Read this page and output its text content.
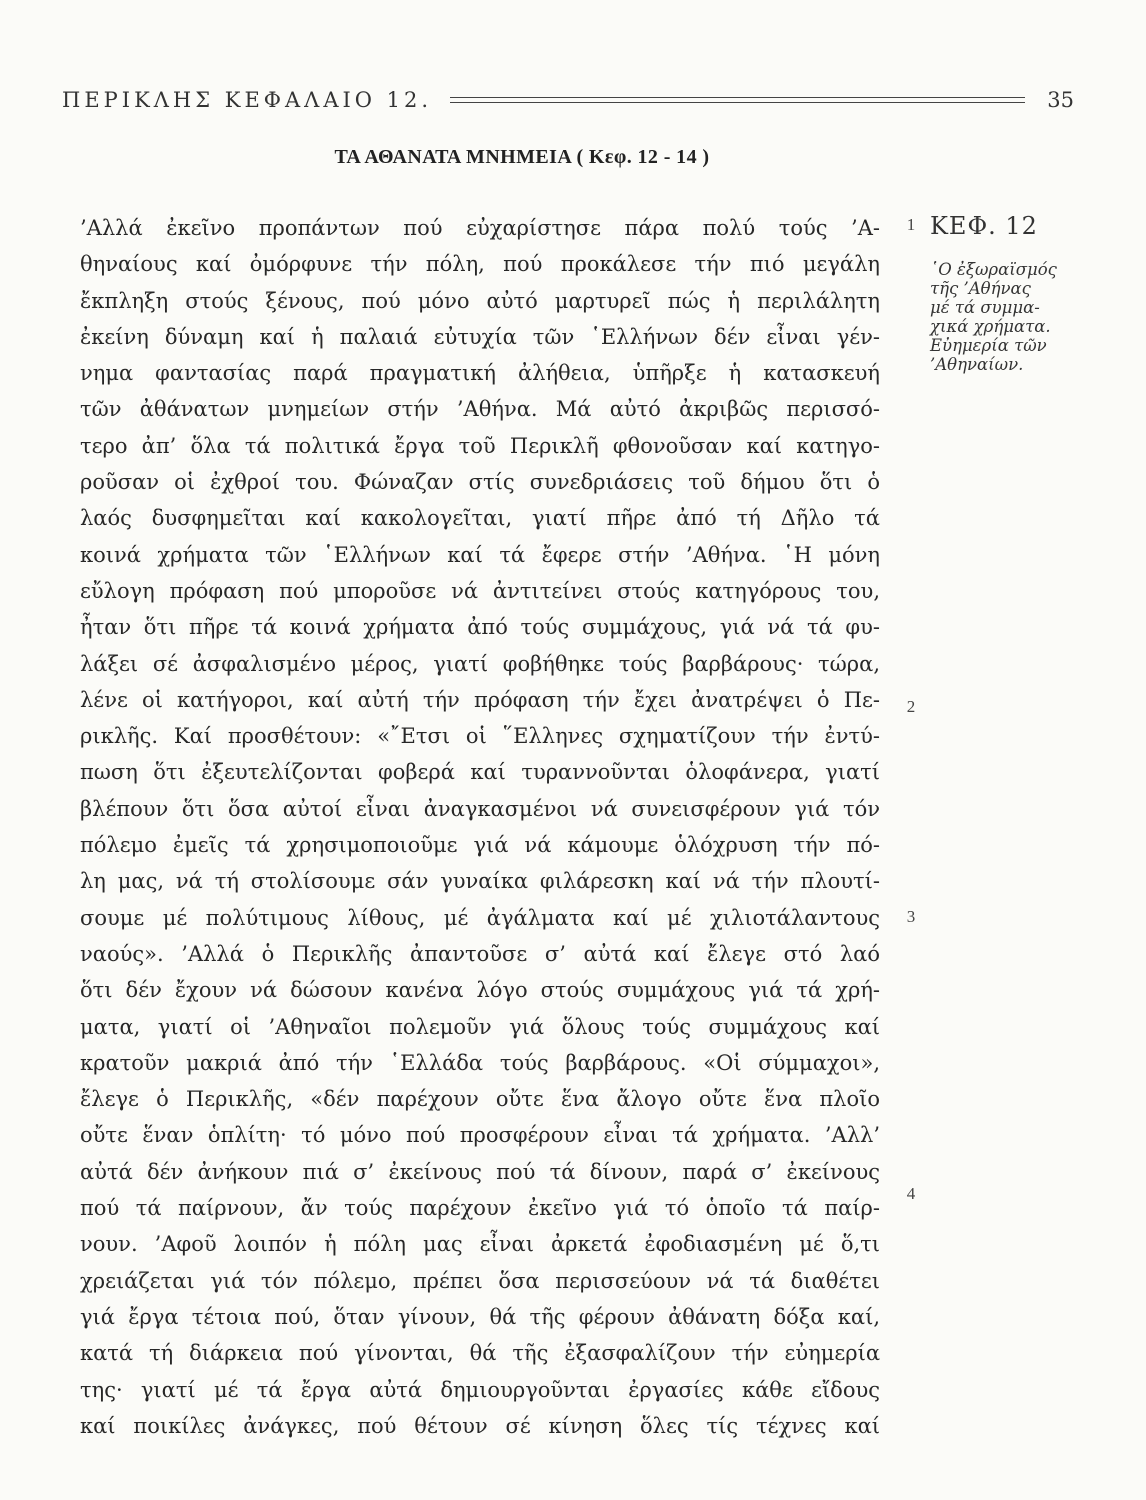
ΠΕΡΙΚΛΗΣ ΚΕΦΑΛΑΙΟ 12.	35
ΤΑ ΑΘΑΝΑΤΑ ΜΝΗΜΕΙΑ ( Κεφ. 12 - 14 )
’Αλλά ἐκεῖνο προπάντων πού εὐχαρίστησε πάρα πολύ τούς ’Α-
θηναίους καί ὀμόρφυνε τήν πόλη, πού προκάλεσε τήν πιό μεγάλη
ἔκπληξη στούς ξένους, πού μόνο αὐτό μαρτυρεῖ πώς ἡ περιλάλητη
ἐκείνη δύναμη καί ἡ παλαιά εὐτυχία τῶν ῾Ελλήνων δέν εἶναι γέν-
νημα φαντασίας παρά πραγματική ἀλήθεια, ὑπῆρξε ἡ κατασκευή
τῶν ἀθάνατων μνημείων στήν ’Αθήνα. Μά αὐτό ἀκριβῶς περισσό-
τερο ἀπ’ ὅλα τά πολιτικά ἔργα τοῦ Περικλῆ φθονοῦσαν καί κατηγο-
ροῦσαν οἱ ἐχθροί του. Φώναζαν στίς συνεδριάσεις τοῦ δήμου ὅτι ὁ
λαός δυσφημεῖται καί κακολογεῖται, γιατί πῆρε ἀπό τή Δῆλο τά
κοινά χρήματα τῶν ῾Ελλήνων καί τά ἔφερε στήν ’Αθήνα. ῾Η μόνη
εὔλογη πρόφαση πού μποροῦσε νά ἀντιτείνει στούς κατηγόρους του,
ἦταν ὅτι πῆρε τά κοινά χρήματα ἀπό τούς συμμάχους, γιά νά τά φυ-
λάξει σέ ἀσφαλισμένο μέρος, γιατί φοβήθηκε τούς βαρβάρους· τώρα,
λένε οἱ κατήγοροι, καί αὐτή τήν πρόφαση τήν ἔχει ἀνατρέψει ὁ Πε-
ρικλῆς. Καί προσθέτουν: «῎Ετσι οἱ ῞Ελληνες σχηματίζουν τήν ἐντύ-
πωση ὅτι ἐξευτελίζονται φοβερά καί τυραννοῦνται ὁλοφάνερα, γιατί
βλέπουν ὅτι ὅσα αὐτοί εἶναι ἀναγκασμένοι νά συνεισφέρουν γιά τόν
πόλεμο ἐμεῖς τά χρησιμοποιοῦμε γιά νά κάμουμε ὁλόχρυση τήν πό-
λη μας, νά τή στολίσουμε σάν γυναίκα φιλάρεσκη καί νά τήν πλουτί-
σουμε μέ πολύτιμους λίθους, μέ ἀγάλματα καί μέ χιλιοτάλαντους
ναούς». ’Αλλά ὁ Περικλῆς ἀπαντοῦσε σ’ αὐτά καί ἔλεγε στό λαό
ὅτι δέν ἔχουν νά δώσουν κανένα λόγο στούς συμμάχους γιά τά χρή-
ματα, γιατί οἱ ’Αθηναῖοι πολεμοῦν γιά ὅλους τούς συμμάχους καί
κρατοῦν μακριά ἀπό τήν ῾Ελλάδα τούς βαρβάρους. «Οἱ σύμμαχοι»,
ἔλεγε ὁ Περικλῆς, «δέν παρέχουν οὔτε ἕνα ἄλογο οὔτε ἕνα πλοῖο
οὔτε ἕναν ὁπλίτη· τό μόνο πού προσφέρουν εἶναι τά χρήματα. ’Αλλ’
αὐτά δέν ἀνήκουν πιά σ’ ἐκείνους πού τά δίνουν, παρά σ’ ἐκείνους
πού τά παίρνουν, ἄν τούς παρέχουν ἐκεῖνο γιά τό ὁποῖο τά παίρ-
νουν. ’Αφοῦ λοιπόν ἡ πόλη μας εἶναι ἀρκετά ἐφοδιασμένη μέ ὅ,τι
χρειάζεται γιά τόν πόλεμο, πρέπει ὅσα περισσεύουν νά τά διαθέτει
γιά ἔργα τέτοια πού, ὅταν γίνουν, θά τῆς φέρουν ἀθάνατη δόξα καί,
κατά τή διάρκεια πού γίνονται, θά τῆς ἐξασφαλίζουν τήν εὐημερία
της· γιατί μέ τά ἔργα αὐτά δημιουργοῦνται ἐργασίες κάθε εἴδους
καί ποικίλες ἀνάγκες, πού θέτουν σέ κίνηση ὅλες τίς τέχνες καί
1
2
3
4
ΚΕΦ. 12
῾Ο ἐξωραϊσμός
τῆς ’Αθήνας
μέ τά συμμα-
χικά χρήματα.
Εὐημερία τῶν
’Αθηναίων.
